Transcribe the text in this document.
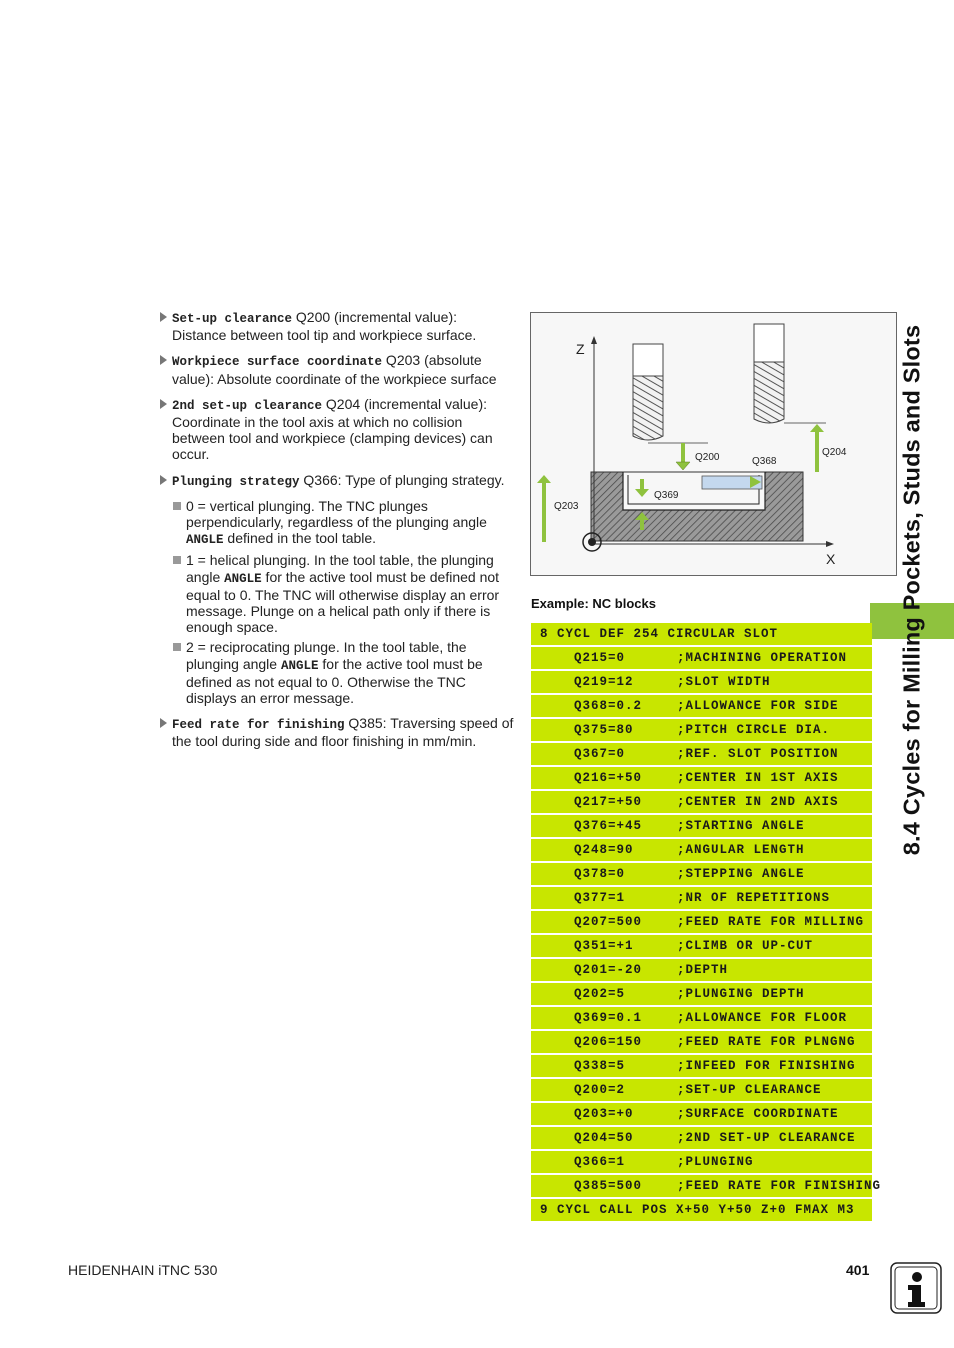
8.4 Cycles for Milling Pockets, Studs and Slots
Set-up clearance Q200 (incremental value): Distance between tool tip and workpiece surface.
Workpiece surface coordinate Q203 (absolute value): Absolute coordinate of the workpiece surface
2nd set-up clearance Q204 (incremental value): Coordinate in the tool axis at which no collision between tool and workpiece (clamping devices) can occur.
Plunging strategy Q366: Type of plunging strategy.
0 = vertical plunging. The TNC plunges perpendicularly, regardless of the plunging angle ANGLE defined in the tool table.
1 = helical plunging. In the tool table, the plunging angle ANGLE for the active tool must be defined not equal to 0. The TNC will otherwise display an error message. Plunge on a helical path only if there is enough space.
2 = reciprocating plunge. In the tool table, the plunging angle ANGLE for the active tool must be defined as not equal to 0. Otherwise the TNC displays an error message.
Feed rate for finishing Q385: Traversing speed of the tool during side and floor finishing in mm/min.
Z
X
Q200	Q368
Q204
Q369
Q203
Example: NC blocks
8 CYCL DEF 254 CIRCULAR SLOT
Q215=0	;MACHINING OPERATION
Q219=12	;SLOT WIDTH
Q368=0.2	;ALLOWANCE FOR SIDE
Q375=80	;PITCH CIRCLE DIA.
Q367=0	;REF. SLOT POSITION
Q216=+50	;CENTER IN 1ST AXIS
Q217=+50	;CENTER IN 2ND AXIS
Q376=+45	;STARTING ANGLE
Q248=90	;ANGULAR LENGTH
Q378=0	;STEPPING ANGLE
Q377=1	;NR OF REPETITIONS
Q207=500	;FEED RATE FOR MILLING
Q351=+1	;CLIMB OR UP-CUT
Q201=-20	;DEPTH
Q202=5	;PLUNGING DEPTH
Q369=0.1	;ALLOWANCE FOR FLOOR
Q206=150	;FEED RATE FOR PLNGNG
Q338=5	;INFEED FOR FINISHING
Q200=2	;SET-UP CLEARANCE
Q203=+0	;SURFACE COORDINATE
Q204=50	;2ND SET-UP CLEARANCE
Q366=1	;PLUNGING
Q385=500	;FEED RATE FOR FINISHING
9 CYCL CALL POS X+50 Y+50 Z+0 FMAX M3
HEIDENHAIN iTNC 530	401
